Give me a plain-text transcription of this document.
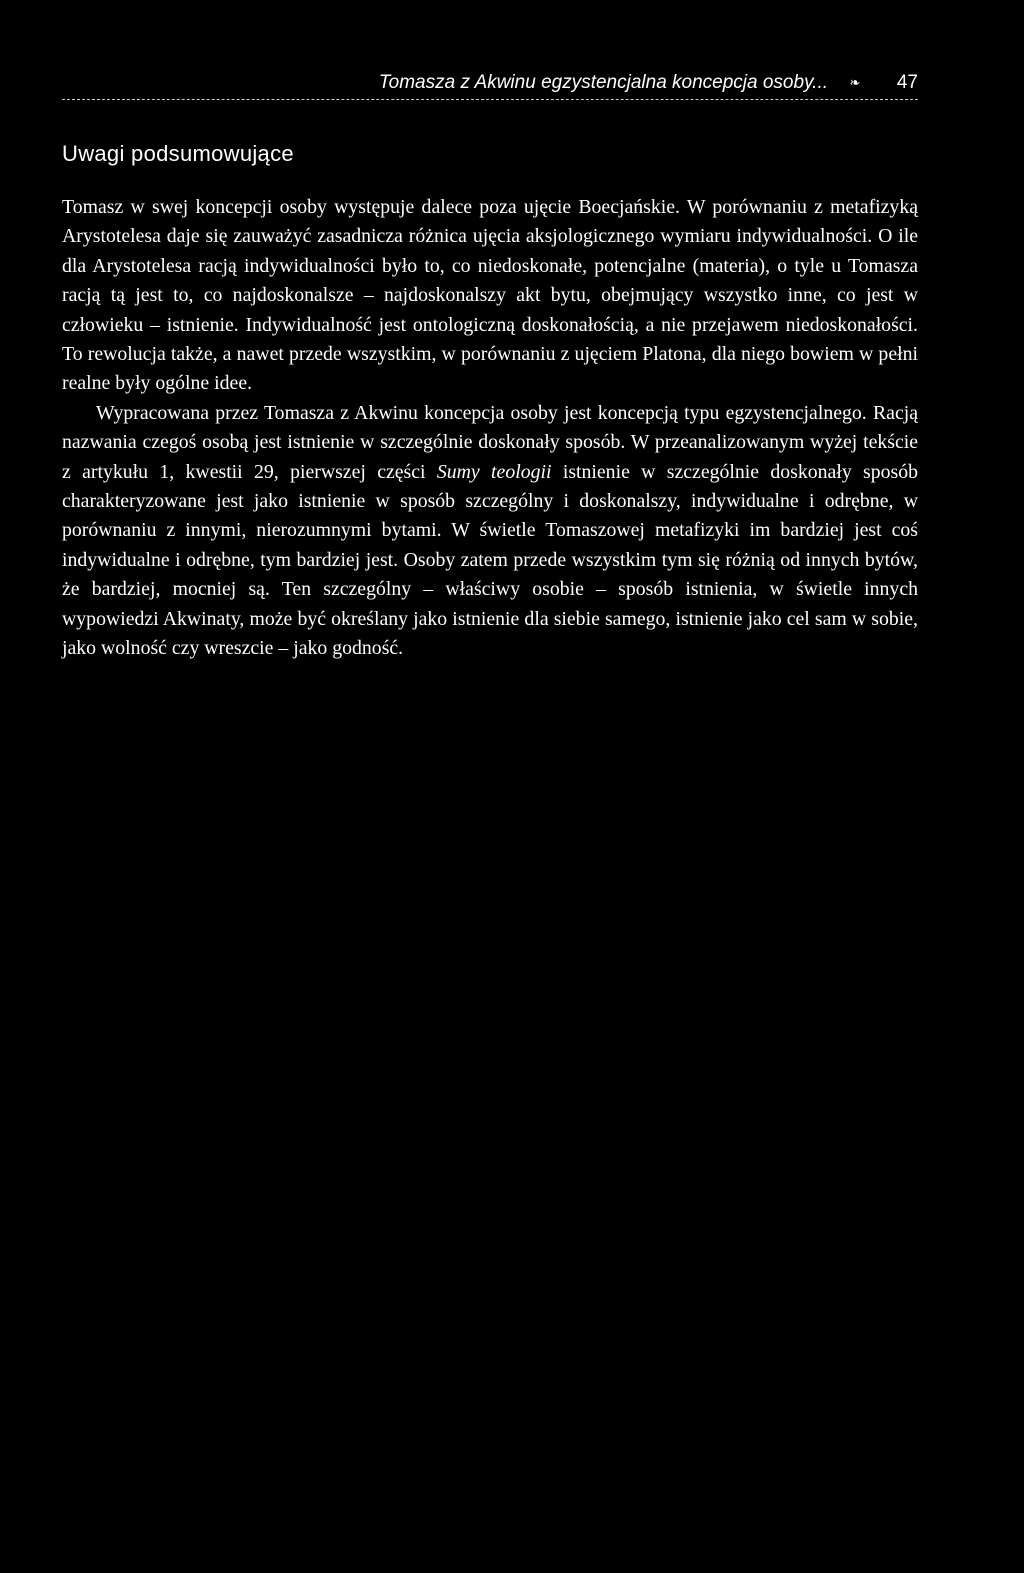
Tomasza z Akwinu egzystencjalna koncepcja osoby...	❧ 47
Uwagi podsumowujące

Tomasz w swej koncepcji osoby występuje dalece poza ujęcie Boecjańskie. W porównaniu z metafizyką Arystotelesa daje się zauważyć zasadnicza różnica ujęcia aksjologicznego wymiaru indywidualności. O ile dla Arystotelesa racją indywidualności było to, co niedoskonałe, potencjalne (materia), o tyle u Tomasza racją tą jest to, co najdoskonalsze – najdoskonalszy akt bytu, obejmujący wszystko inne, co jest w człowieku – istnienie. Indywidualność jest ontologiczną doskonałością, a nie przejawem niedoskonałości. To rewolucja także, a nawet przede wszystkim, w porównaniu z ujęciem Platona, dla niego bowiem w pełni realne były ogólne idee.

Wypracowana przez Tomasza z Akwinu koncepcja osoby jest koncepcją typu egzystencjalnego. Racją nazwania czegoś osobą jest istnienie w szczególnie doskonały sposób. W przeanalizowanym wyżej tekście z artykułu 1, kwestii 29, pierwszej części Sumy teologii istnienie w szczególnie doskonały sposób charakteryzowane jest jako istnienie w sposób szczególny i doskonalszy, indywidualne i odrębne, w porównaniu z innymi, nierozumnymi bytami. W świetle Tomaszowej metafizyki im bardziej jest coś indywidualne i odrębne, tym bardziej jest. Osoby zatem przede wszystkim tym się różnią od innych bytów, że bardziej, mocniej są. Ten szczególny – właściwy osobie – sposób istnienia, w świetle innych wypowiedzi Akwinaty, może być określany jako istnienie dla siebie samego, istnienie jako cel sam w sobie, jako wolność czy wreszcie – jako godność.
